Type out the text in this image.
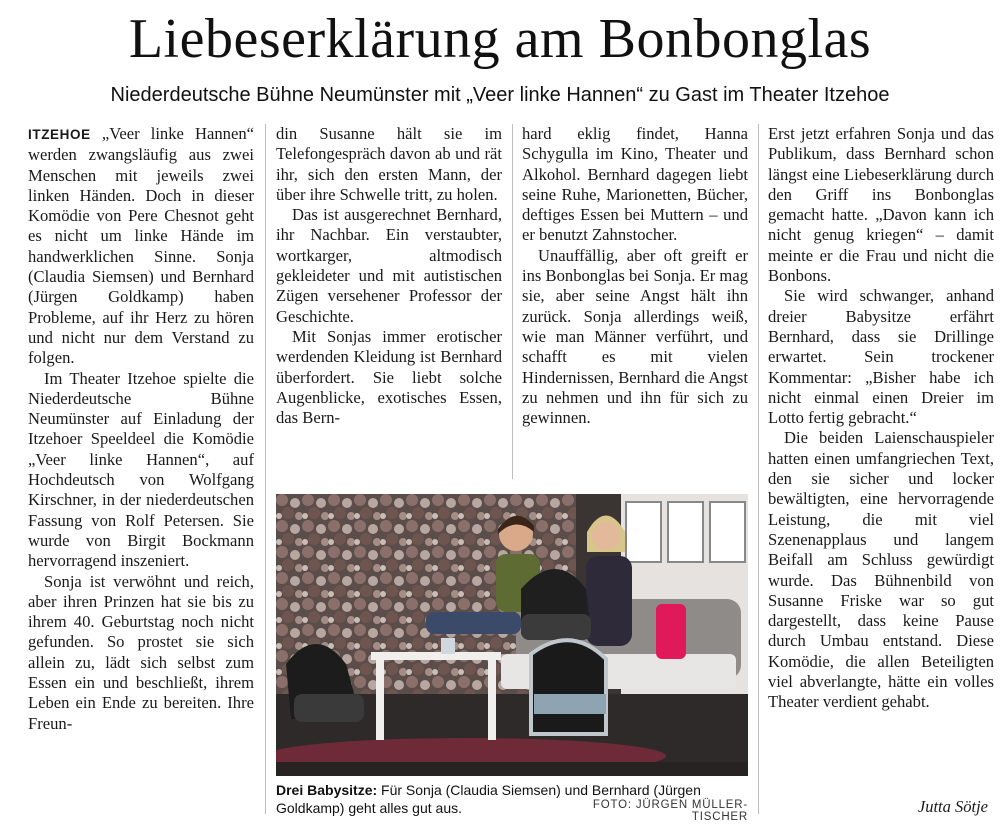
Liebeserklärung am Bonbonglas
Niederdeutsche Bühne Neumünster mit „Veer linke Hannen“ zu Gast im Theater Itzehoe

ITZEHOE „Veer linke Hannen“ werden zwangsläufig aus zwei Menschen mit jeweils zwei linken Händen. Doch in dieser Komödie von Pere Chesnot geht es nicht um linke Hände im handwerklichen Sinne. Sonja (Claudia Siemsen) und Bernhard (Jürgen Goldkamp) haben Probleme, auf ihr Herz zu hören und nicht nur dem Verstand zu folgen.

Im Theater Itzehoe spielte die Niederdeutsche Bühne Neumünster auf Einladung der Itzehoer Speeldeel die Komödie „Veer linke Hannen“, auf Hochdeutsch von Wolfgang Kirschner, in der niederdeutschen Fassung von Rolf Petersen. Sie wurde von Birgit Bockmann hervorragend inszeniert.

Sonja ist verwöhnt und reich, aber ihren Prinzen hat sie bis zu ihrem 40. Geburtstag noch nicht gefunden. So prostet sie sich allein zu, lädt sich selbst zum Essen ein und beschließt, ihrem Leben ein Ende zu bereiten. Ihre Freun-

din Susanne hält sie im Telefongespräch davon ab und rät ihr, sich den ersten Mann, der über ihre Schwelle tritt, zu holen.

Das ist ausgerechnet Bernhard, ihr Nachbar. Ein verstaubter, wortkarger, altmodisch gekleideter und mit autistischen Zügen versehener Professor der Geschichte.

Mit Sonjas immer erotischer werdenden Kleidung ist Bernhard überfordert. Sie liebt solche Augenblicke, exotisches Essen, das Bern-

hard eklig findet, Hanna Schygulla im Kino, Theater und Alkohol. Bernhard dagegen liebt seine Ruhe, Marionetten, Bücher, deftiges Essen bei Muttern – und er benutzt Zahnstocher.

Unauffällig, aber oft greift er ins Bonbonglas bei Sonja. Er mag sie, aber seine Angst hält ihn zurück. Sonja allerdings weiß, wie man Männer verführt, und schafft es mit vielen Hindernissen, Bernhard die Angst zu nehmen und ihn für sich zu gewinnen.

Erst jetzt erfahren Sonja und das Publikum, dass Bernhard schon längst eine Liebeserklärung durch den Griff ins Bonbonglas gemacht hatte. „Davon kann ich nicht genug kriegen“ – damit meinte er die Frau und nicht die Bonbons.

Sie wird schwanger, anhand dreier Babysitze erfährt Bernhard, dass sie Drillinge erwartet. Sein trockener Kommentar: „Bisher habe ich nicht einmal einen Dreier im Lotto fertig gebracht.“

Die beiden Laienschauspieler hatten einen umfangriechen Text, den sie sicher und locker bewältigten, eine hervorragende Leistung, die mit viel Szenenapplaus und langem Beifall am Schluss gewürdigt wurde. Das Bühnenbild von Susanne Friske war so gut dargestellt, dass keine Pause durch Umbau entstand. Diese Komödie, die allen Beteiligten viel abverlangte, hätte ein volles Theater verdient gehabt.

Drei Babysitze: Für Sonja (Claudia Siemsen) und Bernhard (Jürgen Goldkamp) geht alles gut aus.	FOTO: JÜRGEN MÜLLER-TISCHER
Jutta Sötje
